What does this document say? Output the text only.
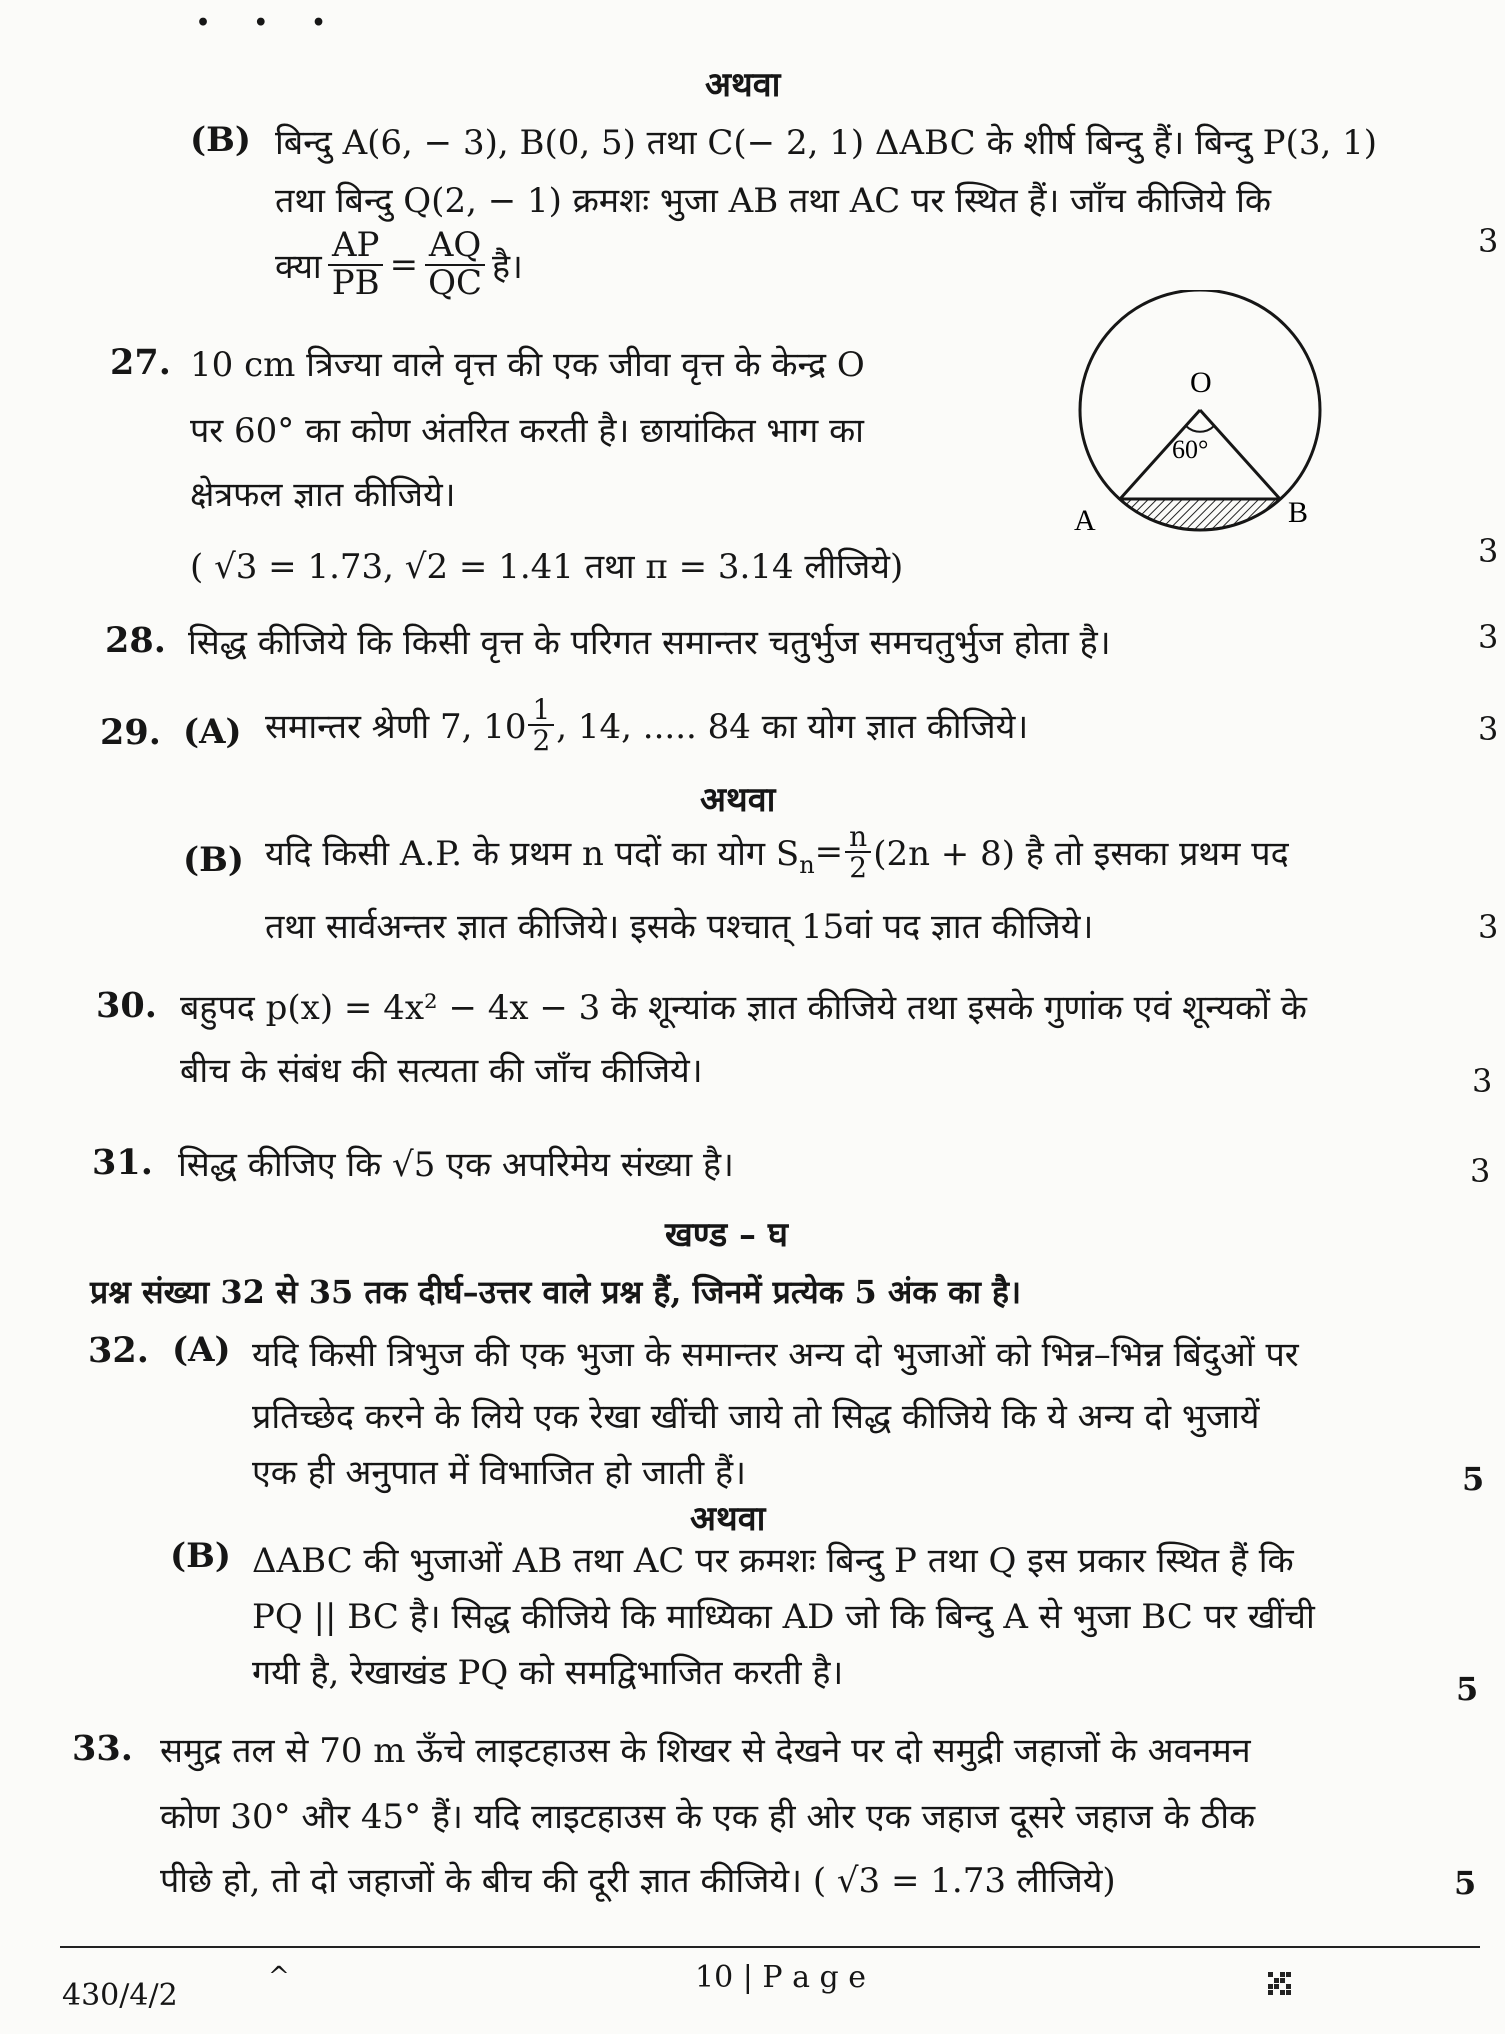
• • •
अथवा
(B) बिन्दु A(6, − 3), B(0, 5) तथा C(− 2, 1) ΔABC के शीर्ष बिन्दु हैं। बिन्दु P(3, 1)
तथा बिन्दु Q(2, − 1) क्रमशः भुजा AB तथा AC पर स्थित हैं। जाँच कीजिये कि
क्या $\frac{AP}{PB} = \frac{AQ}{QC}$ है।
3
27. 10 cm त्रिज्या वाले वृत्त की एक जीवा वृत्त के केन्द्र O
पर 60° का कोण अंतरित करती है। छायांकित भाग का
क्षेत्रफल ज्ञात कीजिये।
( √3 = 1.73, √2 = 1.41 तथा π = 3.14 लीजिये)	3
O
60°
A	B
28. सिद्ध कीजिये कि किसी वृत्त के परिगत समान्तर चतुर्भुज समचतुर्भुज होता है।	3
29. (A) समान्तर श्रेणी 7, $10 \frac{1}{2}$ , 14, ..... 84 का योग ज्ञात कीजिये।	3
अथवा
(B) यदि किसी A.P. के प्रथम n पदों का योग $S_n = \frac{n}{2} (2n + 8)$ है तो इसका प्रथम पद
तथा सार्वअन्तर ज्ञात कीजिये। इसके पश्चात् 15वां पद ज्ञात कीजिये।	3
30. बहुपद p(x) = 4x² − 4x − 3 के शून्यांक ज्ञात कीजिये तथा इसके गुणांक एवं शून्यकों के
बीच के संबंध की सत्यता की जाँच कीजिये।	3
31. सिद्ध कीजिए कि √5 एक अपरिमेय संख्या है।	3
खण्ड – घ
प्रश्न संख्या 32 से 35 तक दीर्घ–उत्तर वाले प्रश्न हैं, जिनमें प्रत्येक 5 अंक का है।
32. (A) यदि किसी त्रिभुज की एक भुजा के समान्तर अन्य दो भुजाओं को भिन्न–भिन्न बिंदुओं पर
प्रतिच्छेद करने के लिये एक रेखा खींची जाये तो सिद्ध कीजिये कि ये अन्य दो भुजायें
एक ही अनुपात में विभाजित हो जाती हैं।	5
अथवा
(B) ΔABC की भुजाओं AB तथा AC पर क्रमशः बिन्दु P तथा Q इस प्रकार स्थित हैं कि
PQ || BC है। सिद्ध कीजिये कि माध्यिका AD जो कि बिन्दु A से भुजा BC पर खींची
गयी है, रेखाखंड PQ को समद्विभाजित करती है।	5
33. समुद्र तल से 70 m ऊँचे लाइटहाउस के शिखर से देखने पर दो समुद्री जहाजों के अवनमन
कोण 30° और 45° हैं। यदि लाइटहाउस के एक ही ओर एक जहाज दूसरे जहाज के ठीक
पीछे हो, तो दो जहाजों के बीच की दूरी ज्ञात कीजिये। ( √3 = 1.73 लीजिये)	5
430/4/2
^	10 | P a g e
